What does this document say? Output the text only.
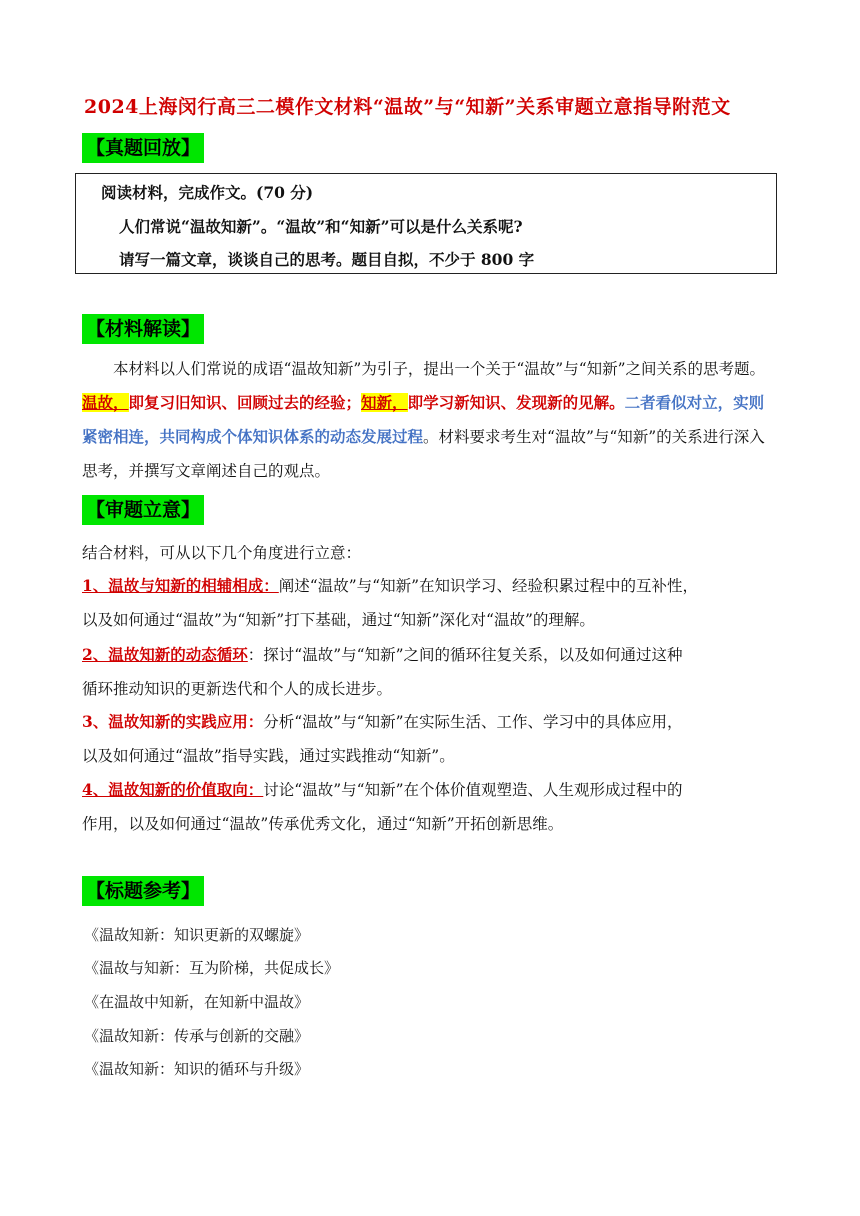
2024上海闵行高三二模作文材料“温故”与“知新”关系审题立意指导附范文
【真题回放】
阅读材料，完成作文。(70 分)
人们常说“温故知新”。“温故”和“知新”可以是什么关系呢?
请写一篇文章，谈谈自己的思考。题目自拟，不少于 800 字
【材料解读】
本材料以人们常说的成语“温故知新”为引子，提出一个关于“温故”与“知新”之间关系的思考题。温故，即复习旧知识、回顾过去的经验；知新，即学习新知识、发现新的见解。二者看似对立，实则紧密相连，共同构成个体知识体系的动态发展过程。材料要求考生对“温故”与“知新”的关系进行深入思考，并撰写文章阐述自己的观点。
【审题立意】
结合材料，可从以下几个角度进行立意：
1、温故与知新的相辅相成：阐述“温故”与“知新”在知识学习、经验积累过程中的互补性，
以及如何通过“温故”为“知新”打下基础，通过“知新”深化对“温故”的理解。
2、温故知新的动态循环：探讨“温故”与“知新”之间的循环往复关系，以及如何通过这种
循环推动知识的更新迭代和个人的成长进步。
3、温故知新的实践应用：分析“温故”与“知新”在实际生活、工作、学习中的具体应用，
以及如何通过“温故”指导实践，通过实践推动“知新”。
4、温故知新的价值取向：讨论“温故”与“知新”在个体价值观塑造、人生观形成过程中的
作用，以及如何通过“温故”传承优秀文化，通过“知新”开拓创新思维。
【标题参考】
《温故知新：知识更新的双螺旋》
《温故与知新：互为阶梯，共促成长》
《在温故中知新，在知新中温故》
《温故知新：传承与创新的交融》
《温故知新：知识的循环与升级》
